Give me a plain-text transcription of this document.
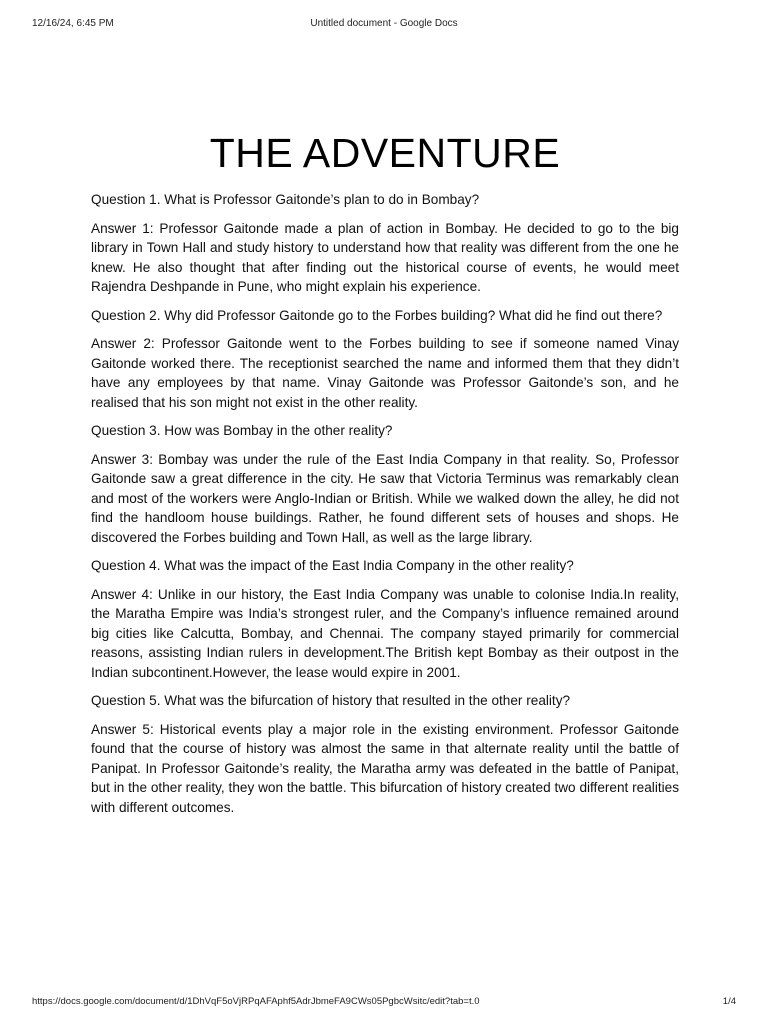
12/16/24, 6:45 PM	Untitled document - Google Docs
THE ADVENTURE

Question 1. What is Professor Gaitonde’s plan to do in Bombay?

Answer 1: Professor Gaitonde made a plan of action in Bombay. He decided to go to the big library in Town Hall and study history to understand how that reality was different from the one he knew. He also thought that after finding out the historical course of events, he would meet Rajendra Deshpande in Pune, who might explain his experience.

Question 2. Why did Professor Gaitonde go to the Forbes building? What did he find out there?

Answer 2: Professor Gaitonde went to the Forbes building to see if someone named Vinay Gaitonde worked there. The receptionist searched the name and informed them that they didn’t have any employees by that name. Vinay Gaitonde was Professor Gaitonde’s son, and he realised that his son might not exist in the other reality.

Question 3. How was Bombay in the other reality?

Answer 3: Bombay was under the rule of the East India Company in that reality. So, Professor Gaitonde saw a great difference in the city. He saw that Victoria Terminus was remarkably clean and most of the workers were Anglo-Indian or British. While we walked down the alley, he did not find the handloom house buildings. Rather, he found different sets of houses and shops. He discovered the Forbes building and Town Hall, as well as the large library.

Question 4. What was the impact of the East India Company in the other reality?

Answer 4: Unlike in our history, the East India Company was unable to colonise India.In reality, the Maratha Empire was India’s strongest ruler, and the Company’s influence remained around big cities like Calcutta, Bombay, and Chennai. The company stayed primarily for commercial reasons, assisting Indian rulers in development.The British kept Bombay as their outpost in the Indian subcontinent.However, the lease would expire in 2001.

Question 5. What was the bifurcation of history that resulted in the other reality?

Answer 5: Historical events play a major role in the existing environment. Professor Gaitonde found that the course of history was almost the same in that alternate reality until the battle of Panipat. In Professor Gaitonde’s reality, the Maratha army was defeated in the battle of Panipat, but in the other reality, they won the battle. This bifurcation of history created two different realities with different outcomes.

https://docs.google.com/document/d/1DhVqF5oVjRPqAFAphf5AdrJbmeFA9CWs05PgbcWsitc/edit?tab=t.0	1/4
